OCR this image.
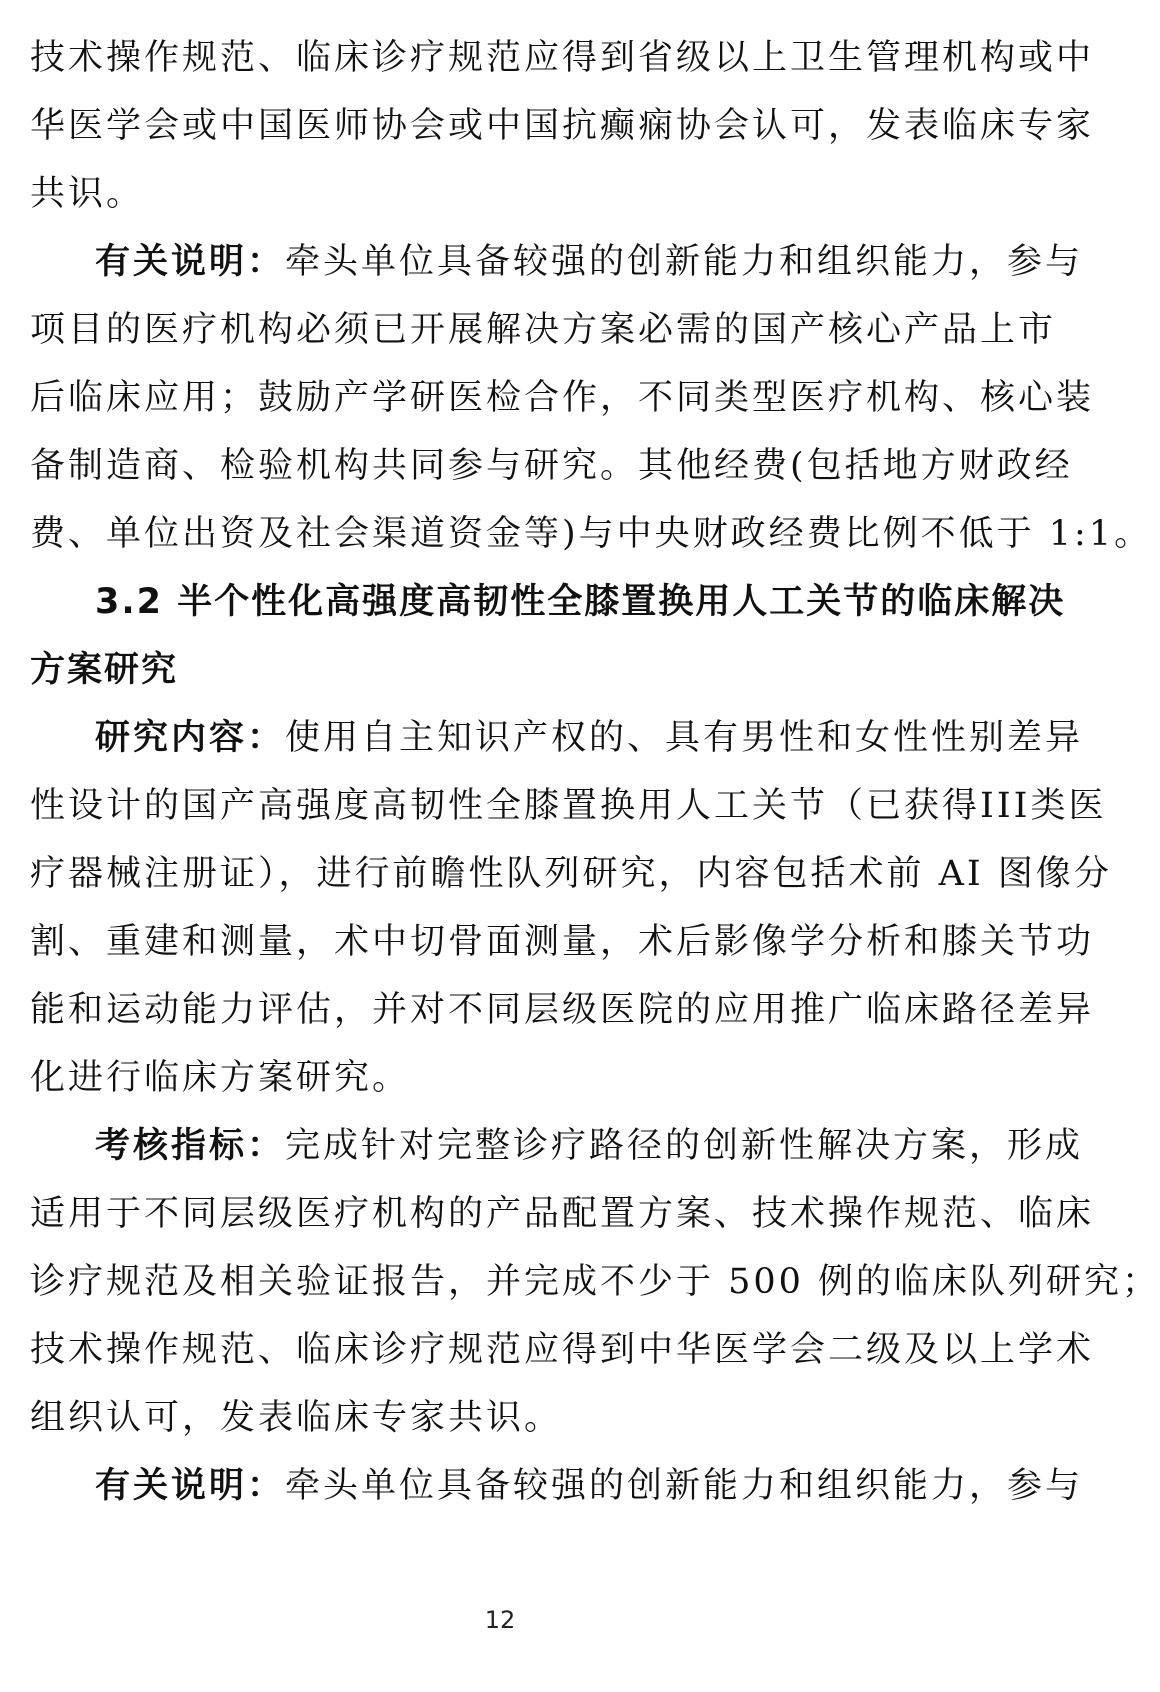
技术操作规范、临床诊疗规范应得到省级以上卫生管理机构或中
华医学会或中国医师协会或中国抗癫痫协会认可，发表临床专家
共识。
有关说明：牵头单位具备较强的创新能力和组织能力，参与
项目的医疗机构必须已开展解决方案必需的国产核心产品上市
后临床应用；鼓励产学研医检合作，不同类型医疗机构、核心装
备制造商、检验机构共同参与研究。其他经费(包括地方财政经
费、单位出资及社会渠道资金等)与中央财政经费比例不低于 1:1。
3.2 半个性化高强度高韧性全膝置换用人工关节的临床解决
方案研究
研究内容：使用自主知识产权的、具有男性和女性性别差异
性设计的国产高强度高韧性全膝置换用人工关节（已获得III类医
疗器械注册证），进行前瞻性队列研究，内容包括术前 AI 图像分
割、重建和测量，术中切骨面测量，术后影像学分析和膝关节功
能和运动能力评估，并对不同层级医院的应用推广临床路径差异
化进行临床方案研究。
考核指标：完成针对完整诊疗路径的创新性解决方案，形成
适用于不同层级医疗机构的产品配置方案、技术操作规范、临床
诊疗规范及相关验证报告，并完成不少于 500 例的临床队列研究；
技术操作规范、临床诊疗规范应得到中华医学会二级及以上学术
组织认可，发表临床专家共识。
有关说明：牵头单位具备较强的创新能力和组织能力，参与
12
